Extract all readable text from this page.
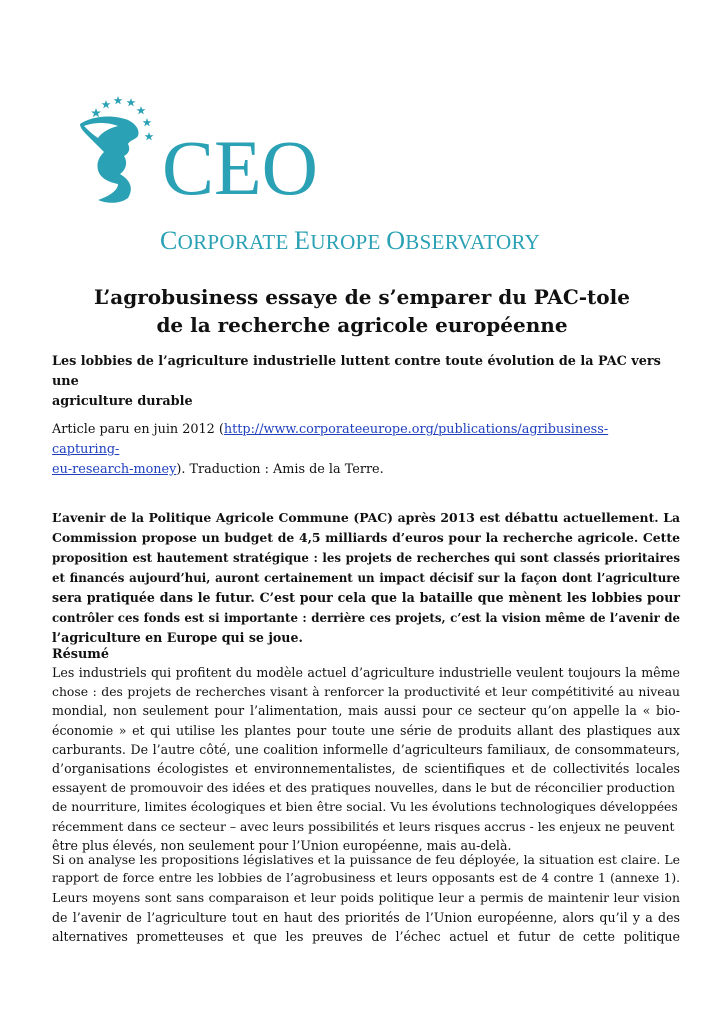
CEO
CORPORATE EUROPE OBSERVATORY
L’agrobusiness essaye de s’emparer du PAC-tole
de la recherche agricole européenne
Les lobbies de l’agriculture industrielle luttent contre toute évolution de la PAC vers une
agriculture durable
Article paru en juin 2012 (http://www.corporateeurope.org/publications/agribusiness-capturing-
eu-research-money). Traduction : Amis de la Terre.
L’avenir de la Politique Agricole Commune (PAC) après 2013 est débattu actuellement. La
Commission propose un budget de 4,5 milliards d’euros pour la recherche agricole. Cette
proposition est hautement stratégique : les projets de recherches qui sont classés prioritaires
et financés aujourd’hui, auront certainement un impact décisif sur la façon dont l’agriculture
sera pratiquée dans le futur. C’est pour cela que la bataille que mènent les lobbies pour
contrôler ces fonds est si importante : derrière ces projets, c’est la vision même de l’avenir de
l’agriculture en Europe qui se joue.
Résumé
Les industriels qui profitent du modèle actuel d’agriculture industrielle veulent toujours la même
chose : des projets de recherches visant à renforcer la productivité et leur compétitivité au niveau
mondial, non seulement pour l’alimentation, mais aussi pour ce secteur qu’on appelle la « bio-
économie » et qui utilise les plantes pour toute une série de produits allant des plastiques aux
carburants. De l’autre côté, une coalition informelle d’agriculteurs familiaux, de consommateurs,
d’organisations écologistes et environnementalistes, de scientifiques et de collectivités locales
essayent de promouvoir des idées et des pratiques nouvelles, dans le but de réconcilier production
de nourriture, limites écologiques et bien être social. Vu les évolutions technologiques développées
récemment dans ce secteur – avec leurs possibilités et leurs risques accrus - les enjeux ne peuvent
être plus élevés, non seulement pour l’Union européenne, mais au-delà.
Si on analyse les propositions législatives et la puissance de feu déployée, la situation est claire. Le
rapport de force entre les lobbies de l’agrobusiness et leurs opposants est de 4 contre 1 (annexe 1).
Leurs moyens sont sans comparaison et leur poids politique leur a permis de maintenir leur vision
de l’avenir de l’agriculture tout en haut des priorités de l’Union européenne, alors qu’il y a des
alternatives prometteuses et que les preuves de l’échec actuel et futur de cette politique
